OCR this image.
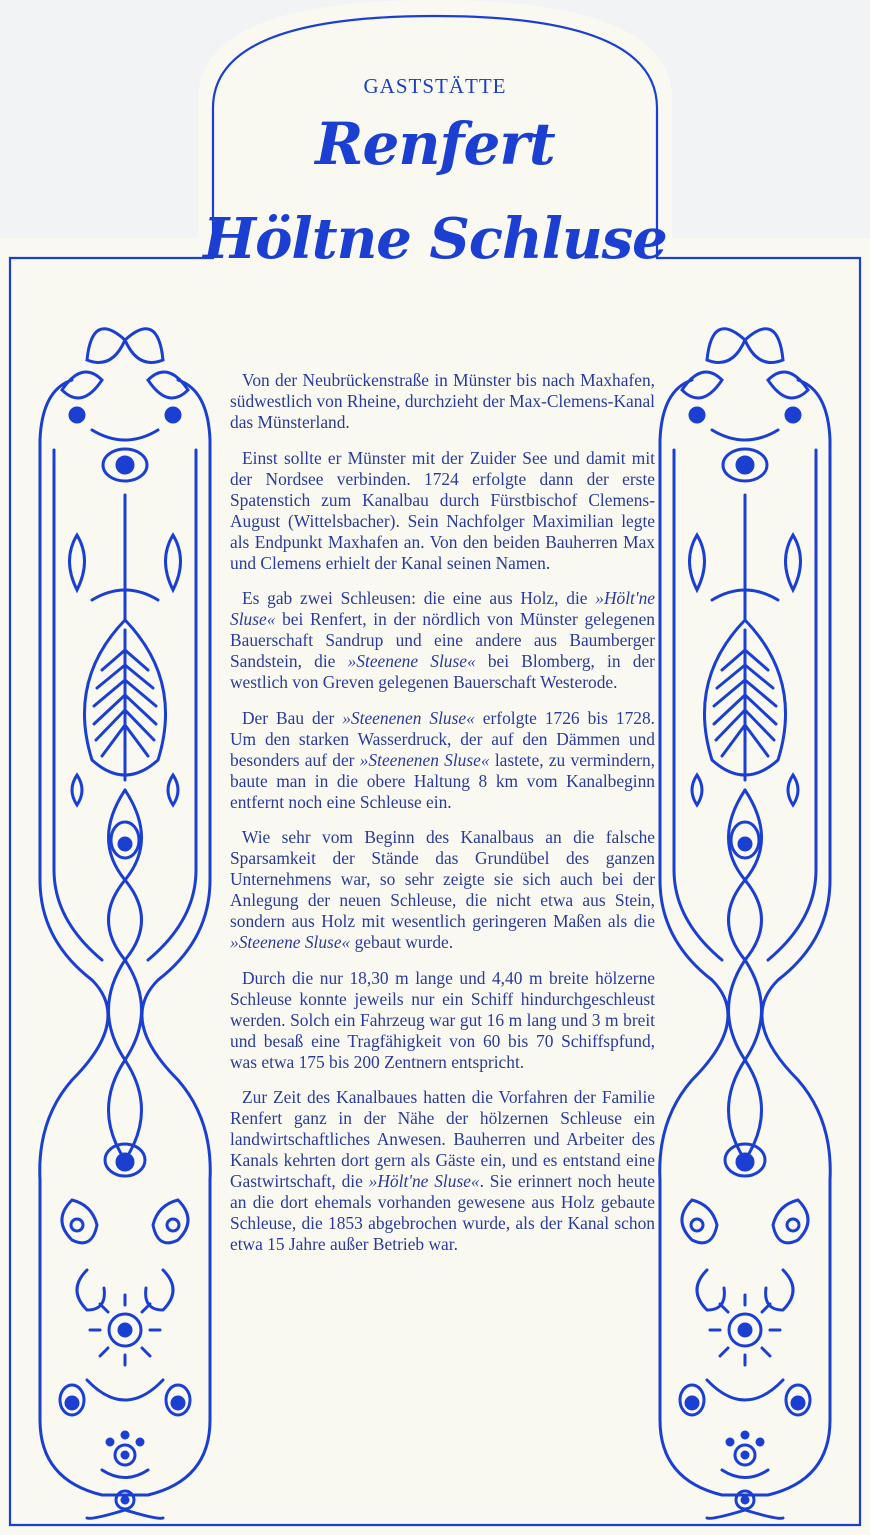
GASTSTÄTTE
Renfert
Höltne Schluse

Von der Neubrückenstraße in Münster bis nach Maxhafen, südwestlich von Rheine, durchzieht der Max-Clemens-Kanal das Münsterland.

Einst sollte er Münster mit der Zuider See und damit mit der Nordsee verbinden. 1724 erfolgte dann der erste Spatenstich zum Kanalbau durch Fürstbischof Clemens-August (Wittelsbacher). Sein Nachfolger Maximilian legte als Endpunkt Maxhafen an. Von den beiden Bauherren Max und Clemens erhielt der Kanal seinen Namen.

Es gab zwei Schleusen: die eine aus Holz, die »Hölt'ne Sluse« bei Renfert, in der nördlich von Münster gelegenen Bauerschaft Sandrup und eine andere aus Baumberger Sandstein, die »Steenene Sluse« bei Blomberg, in der westlich von Greven gelegenen Bauerschaft Westerode.

Der Bau der »Steenenen Sluse« erfolgte 1726 bis 1728. Um den starken Wasserdruck, der auf den Dämmen und besonders auf der »Steenenen Sluse« lastete, zu vermindern, baute man in die obere Haltung 8 km vom Kanalbeginn entfernt noch eine Schleuse ein.

Wie sehr vom Beginn des Kanalbaus an die falsche Sparsamkeit der Stände das Grundübel des ganzen Unternehmens war, so sehr zeigte sie sich auch bei der Anlegung der neuen Schleuse, die nicht etwa aus Stein, sondern aus Holz mit wesentlich geringeren Maßen als die »Steenene Sluse« gebaut wurde.

Durch die nur 18,30 m lange und 4,40 m breite hölzerne Schleuse konnte jeweils nur ein Schiff hindurchgeschleust werden. Solch ein Fahrzeug war gut 16 m lang und 3 m breit und besaß eine Tragfähigkeit von 60 bis 70 Schiffspfund, was etwa 175 bis 200 Zentnern entspricht.

Zur Zeit des Kanalbaues hatten die Vorfahren der Familie Renfert ganz in der Nähe der hölzernen Schleuse ein landwirtschaftliches Anwesen. Bauherren und Arbeiter des Kanals kehrten dort gern als Gäste ein, und es entstand eine Gastwirtschaft, die »Hölt'ne Sluse«. Sie erinnert noch heute an die dort ehemals vorhanden gewesene aus Holz gebaute Schleuse, die 1853 abgebrochen wurde, als der Kanal schon etwa 15 Jahre außer Betrieb war.
